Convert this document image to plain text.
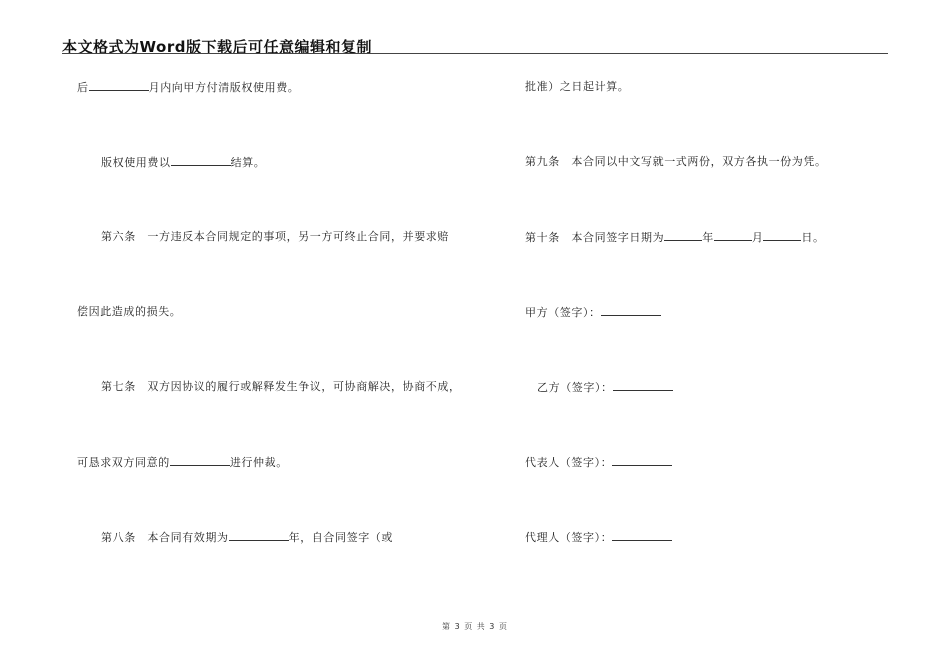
本文格式为Word版下载后可任意编辑和复制
后	月内向甲方付清版权使用费。
版权使用费以	结算。
第六条　一方违反本合同规定的事项，另一方可终止合同，并要求赔
偿因此造成的损失。
第七条　双方因协议的履行或解释发生争议，可协商解决，协商不成，
可恳求双方同意的	进行仲裁。
第八条　本合同有效期为	年，自合同签字（或
批准）之日起计算。
第九条　本合同以中文写就一式两份，双方各执一份为凭。
第十条　本合同签字日期为	年	月	日。
甲方（签字）：
乙方（签字）：
代表人（签字）：
代理人（签字）：
第 3 页 共 3 页
